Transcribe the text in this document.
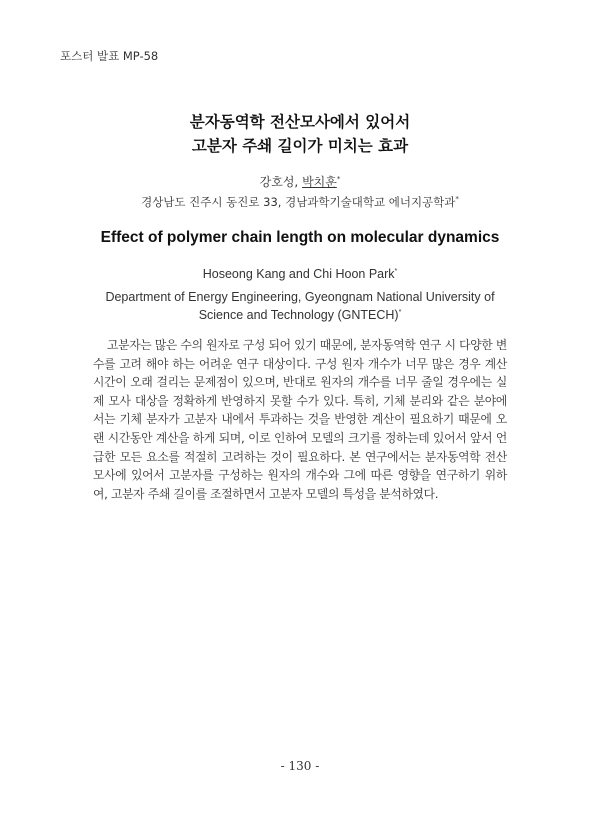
포스터 발표 MP-58
분자동역학 전산모사에서 있어서
고분자 주쇄 길이가 미치는 효과
강호성, 박치훈*
경상남도 진주시 동진로 33, 경남과학기술대학교 에너지공학과*
Effect of polymer chain length on molecular dynamics
Hoseong Kang and Chi Hoon Park*
Department of Energy Engineering, Gyeongnam National University of
Science and Technology (GNTECH)*
고분자는 많은 수의 원자로 구성 되어 있기 때문에, 분자동역학 연구 시 다양한 변수를 고려 해야 하는 어려운 연구 대상이다. 구성 원자 개수가 너무 많은 경우 계산 시간이 오래 걸리는 문제점이 있으며, 반대로 원자의 개수를 너무 줄일 경우에는 실제 모사 대상을 정확하게 반영하지 못할 수가 있다. 특히, 기체 분리와 같은 분야에서는 기체 분자가 고분자 내에서 투과하는 것을 반영한 계산이 필요하기 때문에 오랜 시간동안 계산을 하게 되며, 이로 인하여 모델의 크기를 정하는데 있어서 앞서 언급한 모든 요소를 적절히 고려하는 것이 필요하다. 본 연구에서는 분자동역학 전산모사에 있어서 고분자를 구성하는 원자의 개수와 그에 따른 영향을 연구하기 위하여, 고분자 주쇄 길이를 조절하면서 고분자 모델의 특성을 분석하였다.
- 130 -
